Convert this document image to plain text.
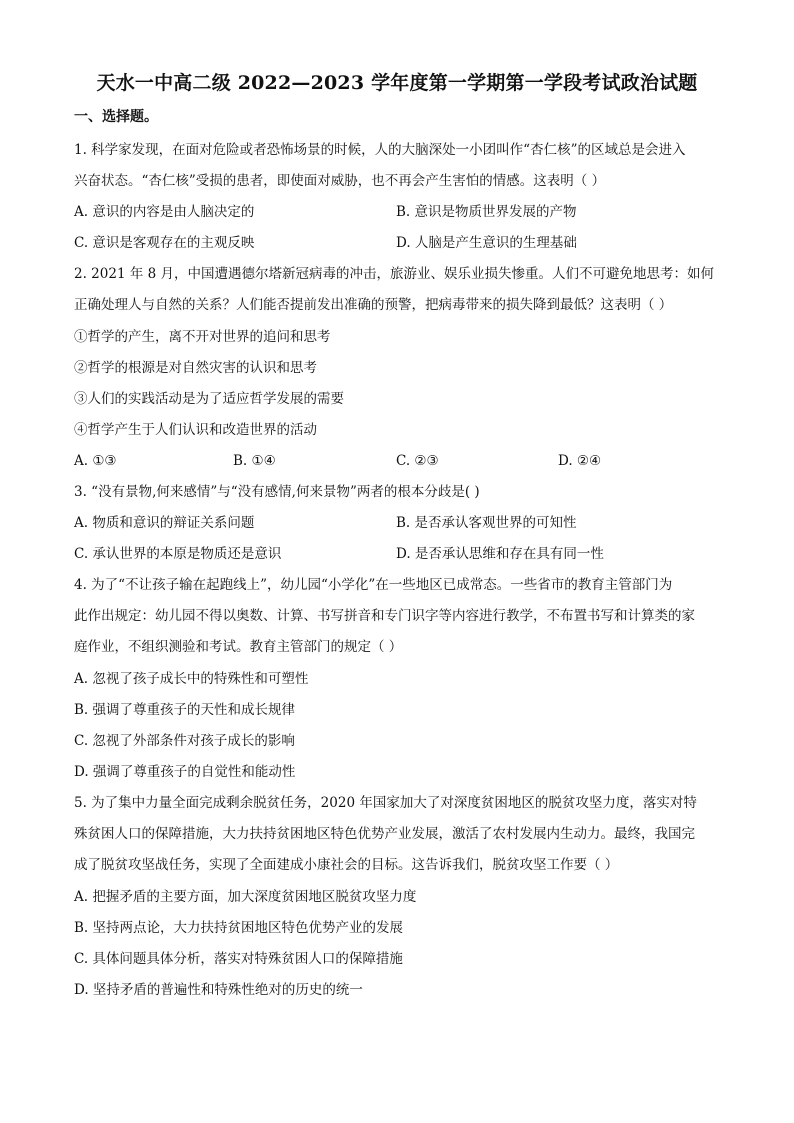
天水一中高二级 2022—2023 学年度第一学期第一学段考试政治试题
一、选择题。
1. 科学家发现，在面对危险或者恐怖场景的时候，人的大脑深处一小团叫作“杏仁核”的区域总是会进入
兴奋状态。“杏仁核”受损的患者，即使面对威胁，也不再会产生害怕的情感。这表明（ ）
A. 意识的内容是由人脑决定的	B. 意识是物质世界发展的产物
C. 意识是客观存在的主观反映	D. 人脑是产生意识的生理基础
2. 2021 年 8 月，中国遭遇德尔塔新冠病毒的冲击，旅游业、娱乐业损失惨重。人们不可避免地思考：如何
正确处理人与自然的关系？人们能否提前发出准确的预警，把病毒带来的损失降到最低？这表明（ ）
①哲学的产生，离不开对世界的追问和思考
②哲学的根源是对自然灾害的认识和思考
③人们的实践活动是为了适应哲学发展的需要
④哲学产生于人们认识和改造世界的活动
A. ①③	B. ①④	C. ②③	D. ②④
3. “没有景物,何来感情”与“没有感情,何来景物”两者的根本分歧是( )
A. 物质和意识的辩证关系问题	B. 是否承认客观世界的可知性
C. 承认世界的本原是物质还是意识	D. 是否承认思维和存在具有同一性
4. 为了“不让孩子输在起跑线上”，幼儿园“小学化”在一些地区已成常态。一些省市的教育主管部门为
此作出规定：幼儿园不得以奥数、计算、书写拼音和专门识字等内容进行教学，不布置书写和计算类的家
庭作业，不组织测验和考试。教育主管部门的规定（ ）
A. 忽视了孩子成长中的特殊性和可塑性
B. 强调了尊重孩子的天性和成长规律
C. 忽视了外部条件对孩子成长的影响
D. 强调了尊重孩子的自觉性和能动性
5. 为了集中力量全面完成剩余脱贫任务，2020 年国家加大了对深度贫困地区的脱贫攻坚力度，落实对特
殊贫困人口的保障措施，大力扶持贫困地区特色优势产业发展，激活了农村发展内生动力。最终，我国完
成了脱贫攻坚战任务，实现了全面建成小康社会的目标。这告诉我们，脱贫攻坚工作要（ ）
A. 把握矛盾的主要方面，加大深度贫困地区脱贫攻坚力度
B. 坚持两点论，大力扶持贫困地区特色优势产业的发展
C. 具体问题具体分析，落实对特殊贫困人口的保障措施
D. 坚持矛盾的普遍性和特殊性绝对的历史的统一
